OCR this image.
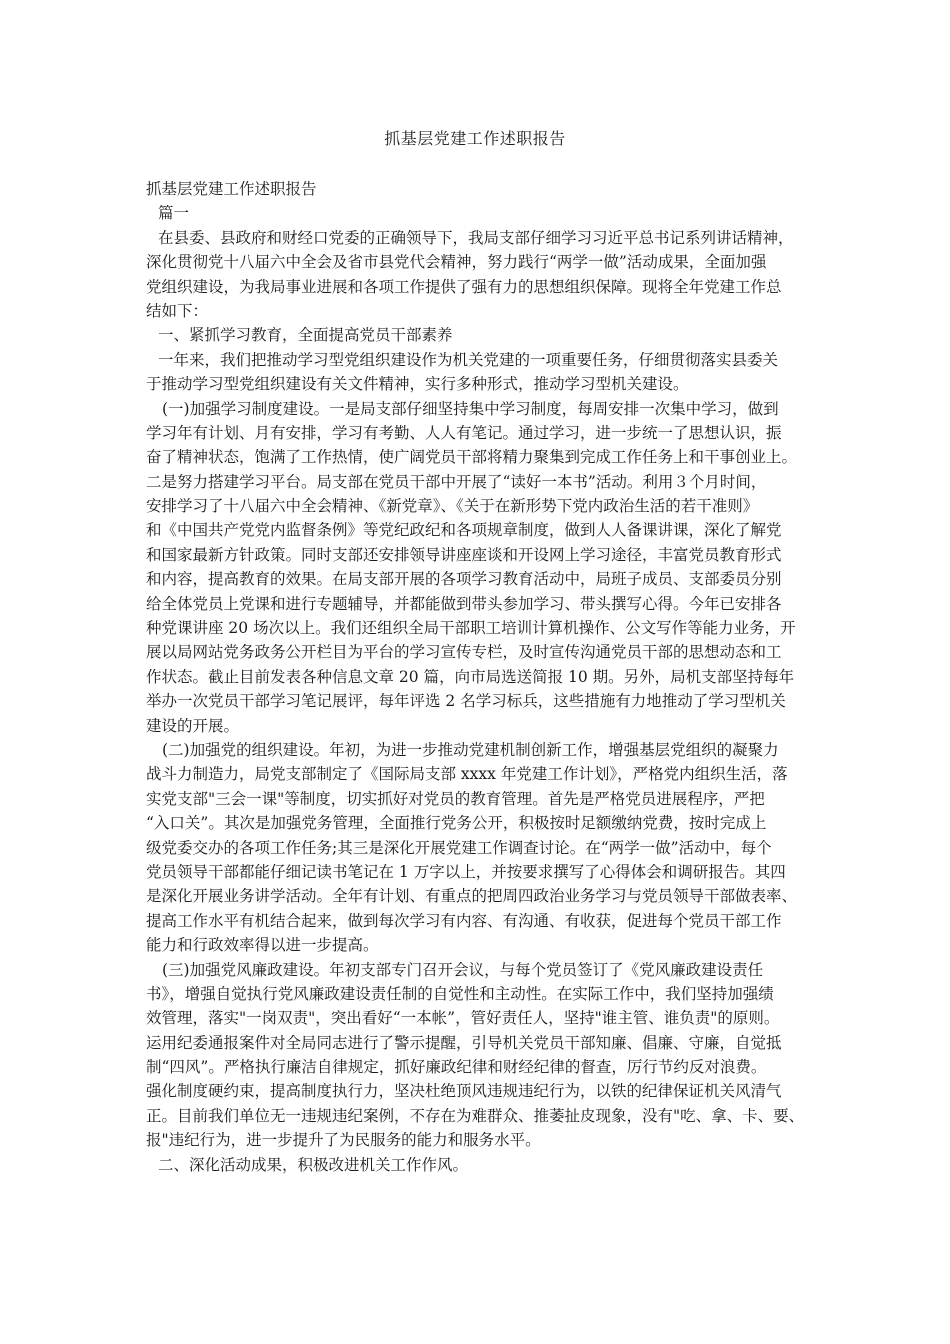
抓基层党建工作述职报告
抓基层党建工作述职报告
篇一
在县委、县政府和财经口党委的正确领导下，我局支部仔细学习习近平总书记系列讲话精神，
深化贯彻党十八届六中全会及省市县党代会精神，努力践行“两学一做”活动成果，全面加强
党组织建设，为我局事业进展和各项工作提供了强有力的思想组织保障。现将全年党建工作总
结如下：
一、紧抓学习教育，全面提高党员干部素养
一年来，我们把推动学习型党组织建设作为机关党建的一项重要任务，仔细贯彻落实县委关
于推动学习型党组织建设有关文件精神，实行多种形式，推动学习型机关建设。
(一)加强学习制度建设。一是局支部仔细坚持集中学习制度，每周安排一次集中学习，做到
学习年有计划、月有安排，学习有考勤、人人有笔记。通过学习，进一步统一了思想认识，振
奋了精神状态，饱满了工作热情，使广阔党员干部将精力聚集到完成工作任务上和干事创业上。
二是努力搭建学习平台。局支部在党员干部中开展了“读好一本书”活动。利用３个月时间，
安排学习了十八届六中全会精神、《新党章》、《关于在新形势下党内政治生活的若干准则》
和《中国共产党党内监督条例》等党纪政纪和各项规章制度，做到人人备课讲课，深化了解党
和国家最新方针政策。同时支部还安排领导讲座座谈和开设网上学习途径，丰富党员教育形式
和内容，提高教育的效果。在局支部开展的各项学习教育活动中，局班子成员、支部委员分别
给全体党员上党课和进行专题辅导，并都能做到带头参加学习、带头撰写心得。今年已安排各
种党课讲座 20 场次以上。我们还组织全局干部职工培训计算机操作、公文写作等能力业务，开
展以局网站党务政务公开栏目为平台的学习宣传专栏，及时宣传沟通党员干部的思想动态和工
作状态。截止目前发表各种信息文章 20 篇，向市局选送简报 10 期。另外，局机支部坚持每年
举办一次党员干部学习笔记展评，每年评选 2 名学习标兵，这些措施有力地推动了学习型机关
建设的开展。
(二)加强党的组织建设。年初，为进一步推动党建机制创新工作，增强基层党组织的凝聚力
战斗力制造力，局党支部制定了《国际局支部 xxxx 年党建工作计划》，严格党内组织生活，落
实党支部"三会一课"等制度，切实抓好对党员的教育管理。首先是严格党员进展程序，严把
“入口关”。其次是加强党务管理，全面推行党务公开，积极按时足额缴纳党费，按时完成上
级党委交办的各项工作任务;其三是深化开展党建工作调查讨论。在“两学一做”活动中，每个
党员领导干部都能仔细记读书笔记在 1 万字以上，并按要求撰写了心得体会和调研报告。其四
是深化开展业务讲学活动。全年有计划、有重点的把周四政治业务学习与党员领导干部做表率、
提高工作水平有机结合起来，做到每次学习有内容、有沟通、有收获，促进每个党员干部工作
能力和行政效率得以进一步提高。
(三)加强党风廉政建设。年初支部专门召开会议，与每个党员签订了《党风廉政建设责任
书》，增强自觉执行党风廉政建设责任制的自觉性和主动性。在实际工作中，我们坚持加强绩
效管理，落实"一岗双责"，突出看好“一本帐”，管好责任人，坚持"谁主管、谁负责"的原则。
运用纪委通报案件对全局同志进行了警示提醒，引导机关党员干部知廉、倡廉、守廉，自觉抵
制“四风”。严格执行廉洁自律规定，抓好廉政纪律和财经纪律的督查，厉行节约反对浪费。
强化制度硬约束，提高制度执行力，坚决杜绝顶风违规违纪行为，以铁的纪律保证机关风清气
正。目前我们单位无一违规违纪案例，不存在为难群众、推萎扯皮现象，没有"吃、拿、卡、要、
报"违纪行为，进一步提升了为民服务的能力和服务水平。
二、深化活动成果，积极改进机关工作作风。
